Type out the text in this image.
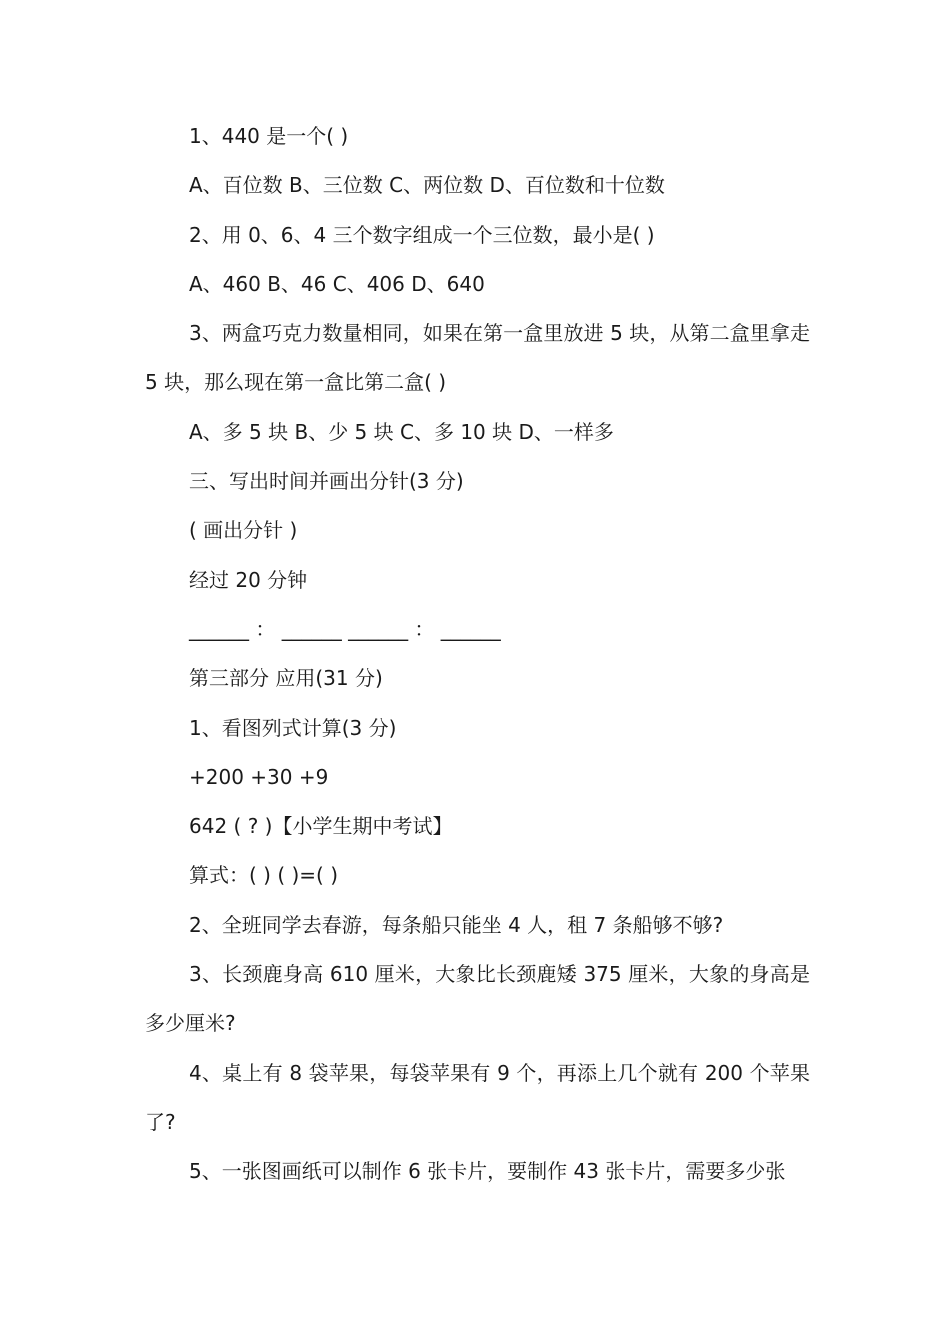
1、440 是一个( )

A、百位数 B、三位数 C、两位数 D、百位数和十位数

2、用 0、6、4 三个数字组成一个三位数，最小是( )

A、460 B、46 C、406 D、640

3、两盒巧克力数量相同，如果在第一盒里放进 5 块，从第二盒里拿走 5 块，那么现在第一盒比第二盒( )

A、多 5 块 B、少 5 块 C、多 10 块 D、一样多

三、写出时间并画出分针(3 分)

( 画出分针 )

经过 20 分钟

______ ： ______ ______ ： ______

第三部分 应用(31 分)

1、看图列式计算(3 分)

+200 +30 +9

642 ( ? )【小学生期中考试】

算式：( ) ( )=( )

2、全班同学去春游，每条船只能坐 4 人，租 7 条船够不够?

3、长颈鹿身高 610 厘米，大象比长颈鹿矮 375 厘米，大象的身高是多少厘米?

4、桌上有 8 袋苹果，每袋苹果有 9 个，再添上几个就有 200 个苹果了?

5、一张图画纸可以制作 6 张卡片，要制作 43 张卡片，需要多少张
